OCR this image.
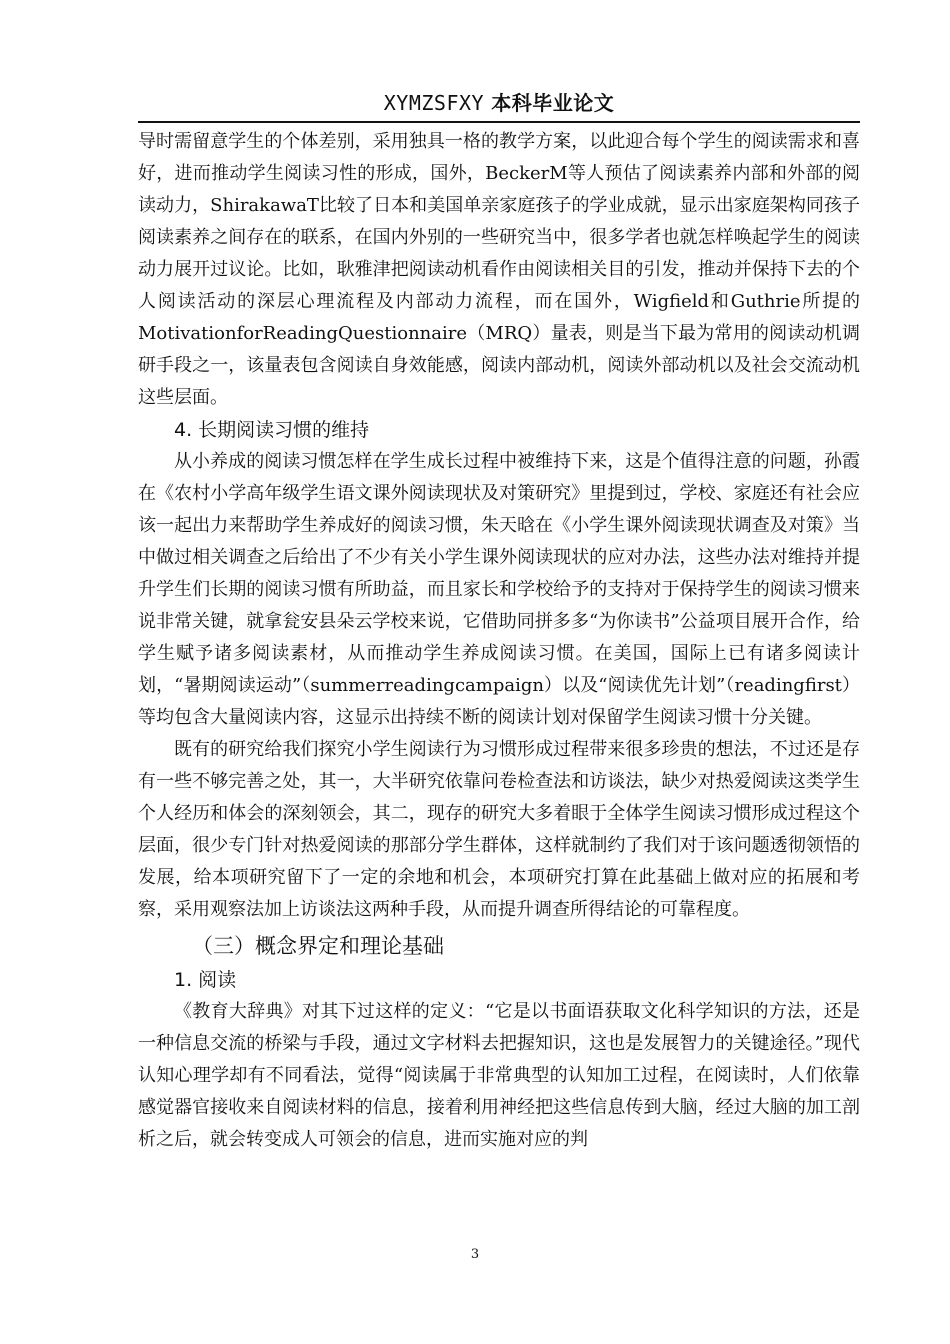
XYMZSFXY 本科毕业论文

导时需留意学生的个体差别，采用独具一格的教学方案，以此迎合每个学生的阅读需求和喜好，进而推动学生阅读习性的形成，国外，BeckerM等人预估了阅读素养内部和外部的阅读动力，ShirakawaT比较了日本和美国单亲家庭孩子的学业成就，显示出家庭架构同孩子阅读素养之间存在的联系，在国内外别的一些研究当中，很多学者也就怎样唤起学生的阅读动力展开过议论。比如，耿雅津把阅读动机看作由阅读相关目的引发，推动并保持下去的个人阅读活动的深层心理流程及内部动力流程，而在国外，Wigfield和Guthrie所提的MotivationforReadingQuestionnaire（MRQ）量表，则是当下最为常用的阅读动机调研手段之一，该量表包含阅读自身效能感，阅读内部动机，阅读外部动机以及社会交流动机这些层面。

4. 长期阅读习惯的维持

从小养成的阅读习惯怎样在学生成长过程中被维持下来，这是个值得注意的问题，孙霞在《农村小学高年级学生语文课外阅读现状及对策研究》里提到过，学校、家庭还有社会应该一起出力来帮助学生养成好的阅读习惯，朱天晗在《小学生课外阅读现状调查及对策》当中做过相关调查之后给出了不少有关小学生课外阅读现状的应对办法，这些办法对维持并提升学生们长期的阅读习惯有所助益，而且家长和学校给予的支持对于保持学生的阅读习惯来说非常关键，就拿瓮安县朵云学校来说，它借助同拼多多“为你读书”公益项目展开合作，给学生赋予诸多阅读素材，从而推动学生养成阅读习惯。在美国，国际上已有诸多阅读计划，“暑期阅读运动”（summerreadingcampaign）以及“阅读优先计划”（readingfirst）等均包含大量阅读内容，这显示出持续不断的阅读计划对保留学生阅读习惯十分关键。

既有的研究给我们探究小学生阅读行为习惯形成过程带来很多珍贵的想法，不过还是存有一些不够完善之处，其一，大半研究依靠问卷检查法和访谈法，缺少对热爱阅读这类学生个人经历和体会的深刻领会，其二，现存的研究大多着眼于全体学生阅读习惯形成过程这个层面，很少专门针对热爱阅读的那部分学生群体，这样就制约了我们对于该问题透彻领悟的发展，给本项研究留下了一定的余地和机会，本项研究打算在此基础上做对应的拓展和考察，采用观察法加上访谈法这两种手段，从而提升调查所得结论的可靠程度。

（三）概念界定和理论基础
1. 阅读

《教育大辞典》对其下过这样的定义：“它是以书面语获取文化科学知识的方法，还是一种信息交流的桥梁与手段，通过文字材料去把握知识，这也是发展智力的关键途径。”现代认知心理学却有不同看法，觉得“阅读属于非常典型的认知加工过程，在阅读时，人们依靠感觉器官接收来自阅读材料的信息，接着利用神经把这些信息传到大脑，经过大脑的加工剖析之后，就会转变成人可领会的信息，进而实施对应的判

3
